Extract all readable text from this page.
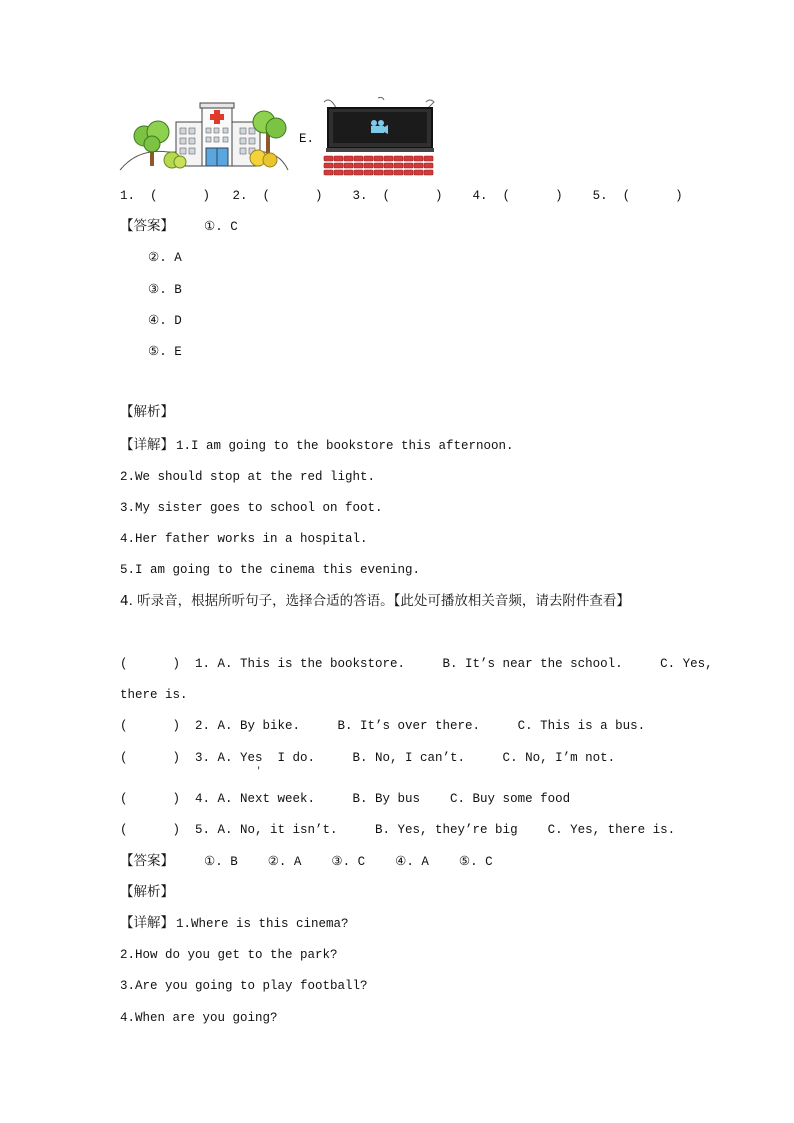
E.
1.  (      )   2.  (      )    3.  (      )    4.  (      )    5.  (      )
【答案】 ①. C
②. A
③. B
④. D
⑤. E
【解析】
【详解】 1.I am going to the bookstore this afternoon.
2.We should stop at the red light.
3.My sister goes to school on foot.
4.Her father works in a hospital.
5.I am going to the cinema this evening.
4. 听录音，根据所听句子，选择合适的答语。【此处可播放相关音频，请去附件查看】
(      )  1. A. This is the bookstore.     B. It’s near the school.     C. Yes,
there is.
(      )  2. A. By bike.     B. It’s over there.     C. This is a bus.
(      )  3. A. Yes  I do.     B. No, I can’t.     C. No, I’m not.
'
(      )  4. A. Next week.     B. By bus    C. Buy some food
(      )  5. A. No, it isn’t.     B. Yes, they’re big    C. Yes, there is.
【答案】 ①. B    ②. A    ③. C    ④. A    ⑤. C
【解析】
【详解】 1.Where is this cinema?
2.How do you get to the park?
3.Are you going to play football?
4.When are you going?
